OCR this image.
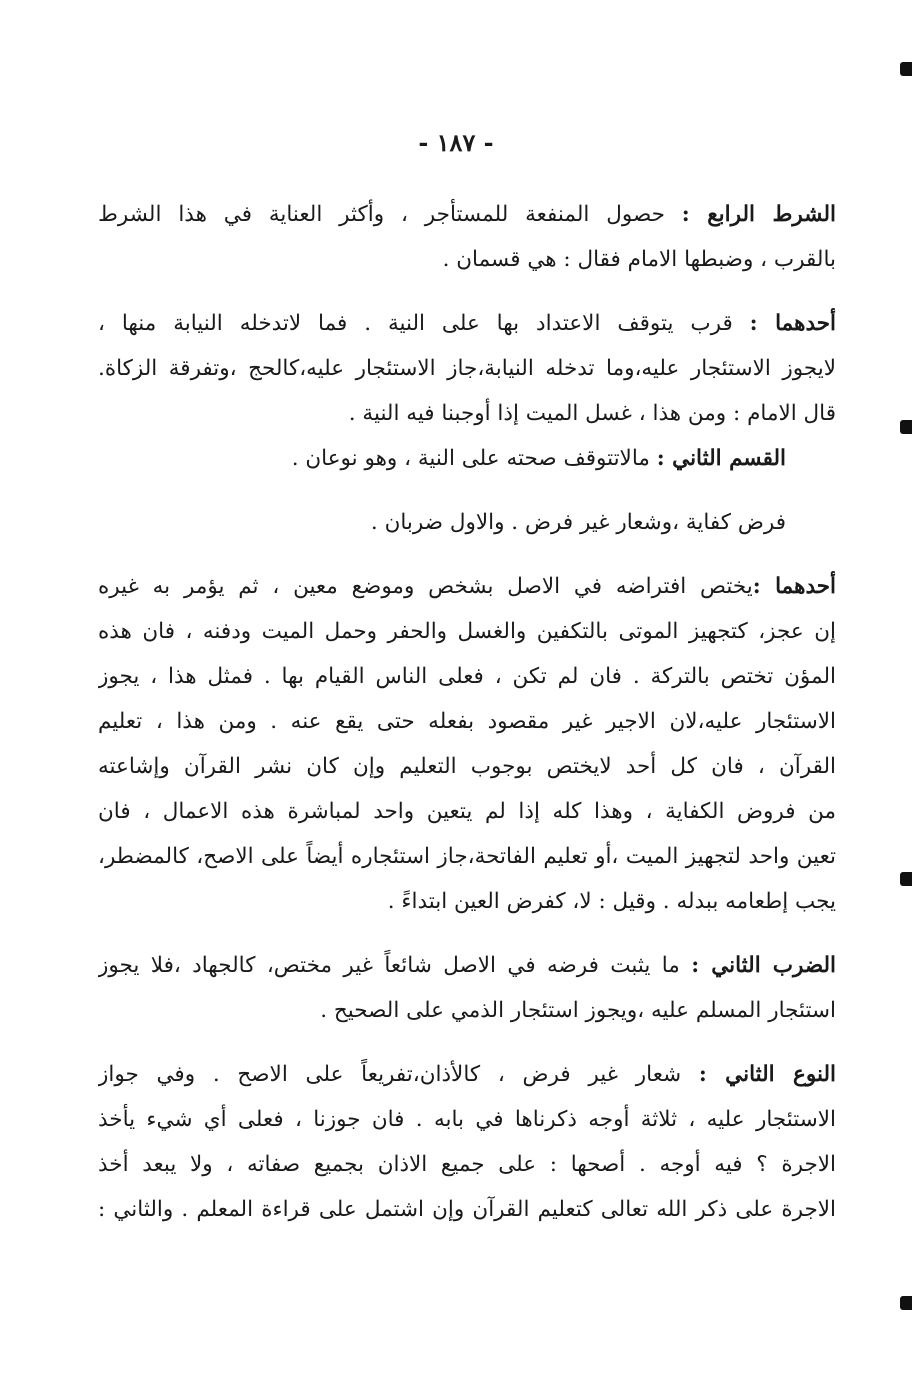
- ١٨٧ -
الشرط الرابع : حصول المنفعة للمستأجر ، وأكثر العناية في هذا الشرط
بالقرب ، وضبطها الامام فقال : هي قسمان .
أحدهما : قرب يتوقف الاعتداد بها على النية . فما لاتدخله النيابة منها ،
لايجوز الاستئجار عليه،وما تدخله النيابة،جاز الاستئجار عليه،كالحج ،وتفرقة الزكاة.
قال الامام : ومن هذا ، غسل الميت إذا أوجبنا فيه النية .
القسم الثاني : مالاتتوقف صحته على النية ، وهو نوعان .
فرض كفاية ،وشعار غير فرض . والاول ضربان .
أحدهما :يختص افتراضه في الاصل بشخص وموضع معين ، ثم يؤمر به غيره
إن عجز، كتجهيز الموتى بالتكفين والغسل والحفر وحمل الميت ودفنه ، فان هذه
المؤن تختص بالتركة . فان لم تكن ، فعلى الناس القيام بها . فمثل هذا ، يجوز
الاستئجار عليه،لان الاجير غير مقصود بفعله حتى يقع عنه . ومن هذا ، تعليم
القرآن ، فان كل أحد لايختص بوجوب التعليم وإن كان نشر القرآن وإشاعته
من فروض الكفاية ، وهذا كله إذا لم يتعين واحد لمباشرة هذه الاعمال ، فان
تعين واحد لتجهيز الميت ،أو تعليم الفاتحة،جاز استئجاره أيضاً على الاصح، كالمضطر،
يجب إطعامه ببدله . وقيل : لا، كفرض العين ابتداءً .
الضرب الثاني : ما يثبت فرضه في الاصل شائعاً غير مختص، كالجهاد ،فلا يجوز
استئجار المسلم عليه ،ويجوز استئجار الذمي على الصحيح .
النوع الثاني : شعار غير فرض ، كالأذان،تفريعاً على الاصح . وفي جواز
الاستئجار عليه ، ثلاثة أوجه ذكرناها في بابه . فان جوزنا ، فعلى أي شيء يأخذ
الاجرة ؟ فيه أوجه . أصحها : على جميع الاذان بجميع صفاته ، ولا يبعد أخذ
الاجرة على ذكر الله تعالى كتعليم القرآن وإن اشتمل على قراءة المعلم . والثاني :
